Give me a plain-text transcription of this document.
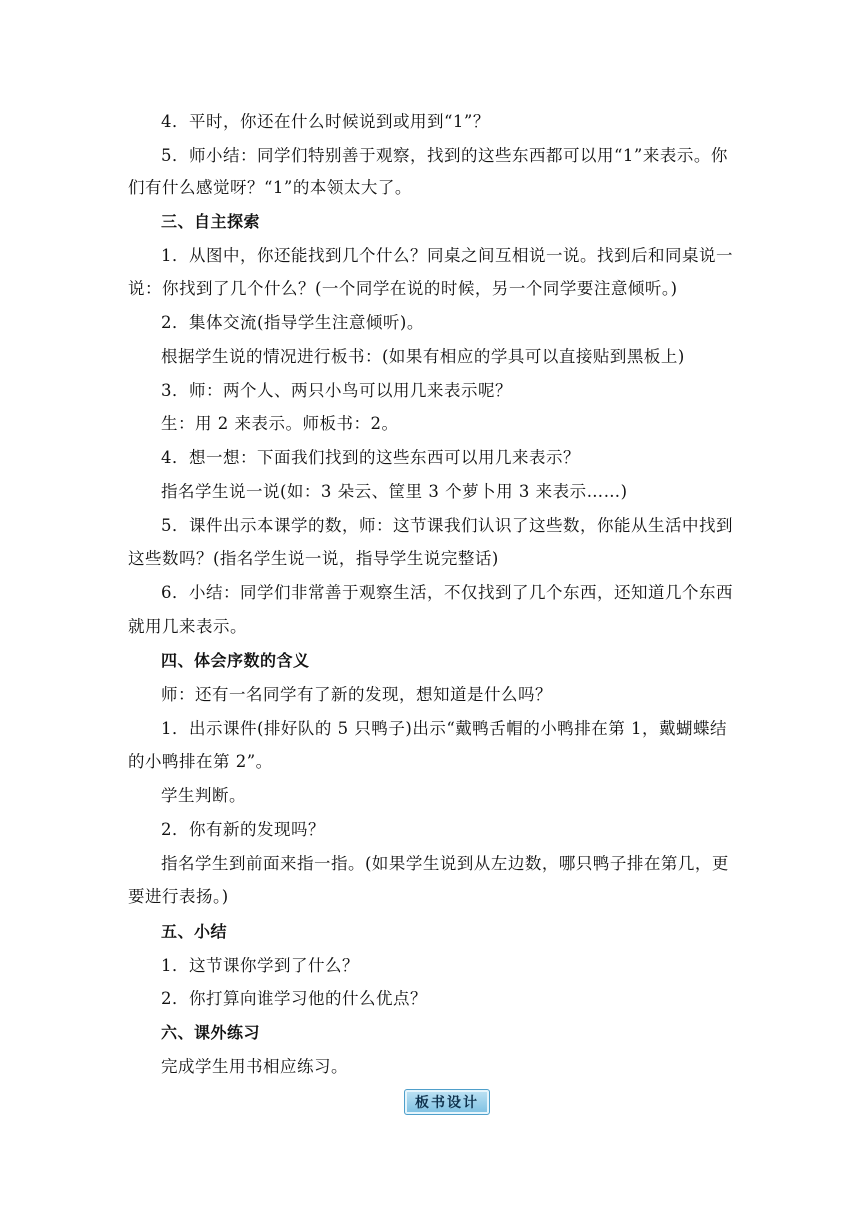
4．平时，你还在什么时候说到或用到“1”？
5．师小结：同学们特别善于观察，找到的这些东西都可以用“1”来表示。你
们有什么感觉呀？“1”的本领太大了。
三、自主探索
1．从图中，你还能找到几个什么？同桌之间互相说一说。找到后和同桌说一
说：你找到了几个什么？(一个同学在说的时候，另一个同学要注意倾听。)
2．集体交流(指导学生注意倾听)。
根据学生说的情况进行板书：(如果有相应的学具可以直接贴到黑板上)
3．师：两个人、两只小鸟可以用几来表示呢？
生：用 2 来表示。师板书：2。
4．想一想：下面我们找到的这些东西可以用几来表示？
指名学生说一说(如：3 朵云、筐里 3 个萝卜用 3 来表示……)
5．课件出示本课学的数，师：这节课我们认识了这些数，你能从生活中找到
这些数吗？(指名学生说一说，指导学生说完整话)
6．小结：同学们非常善于观察生活，不仅找到了几个东西，还知道几个东西
就用几来表示。
四、体会序数的含义
师：还有一名同学有了新的发现，想知道是什么吗？
1．出示课件(排好队的 5 只鸭子)出示“戴鸭舌帽的小鸭排在第 1，戴蝴蝶结
的小鸭排在第 2”。
学生判断。
2．你有新的发现吗？
指名学生到前面来指一指。(如果学生说到从左边数，哪只鸭子排在第几，更
要进行表扬。)
五、小结
1．这节课你学到了什么？
2．你打算向谁学习他的什么优点？
六、课外练习
完成学生用书相应练习。
板书设计
